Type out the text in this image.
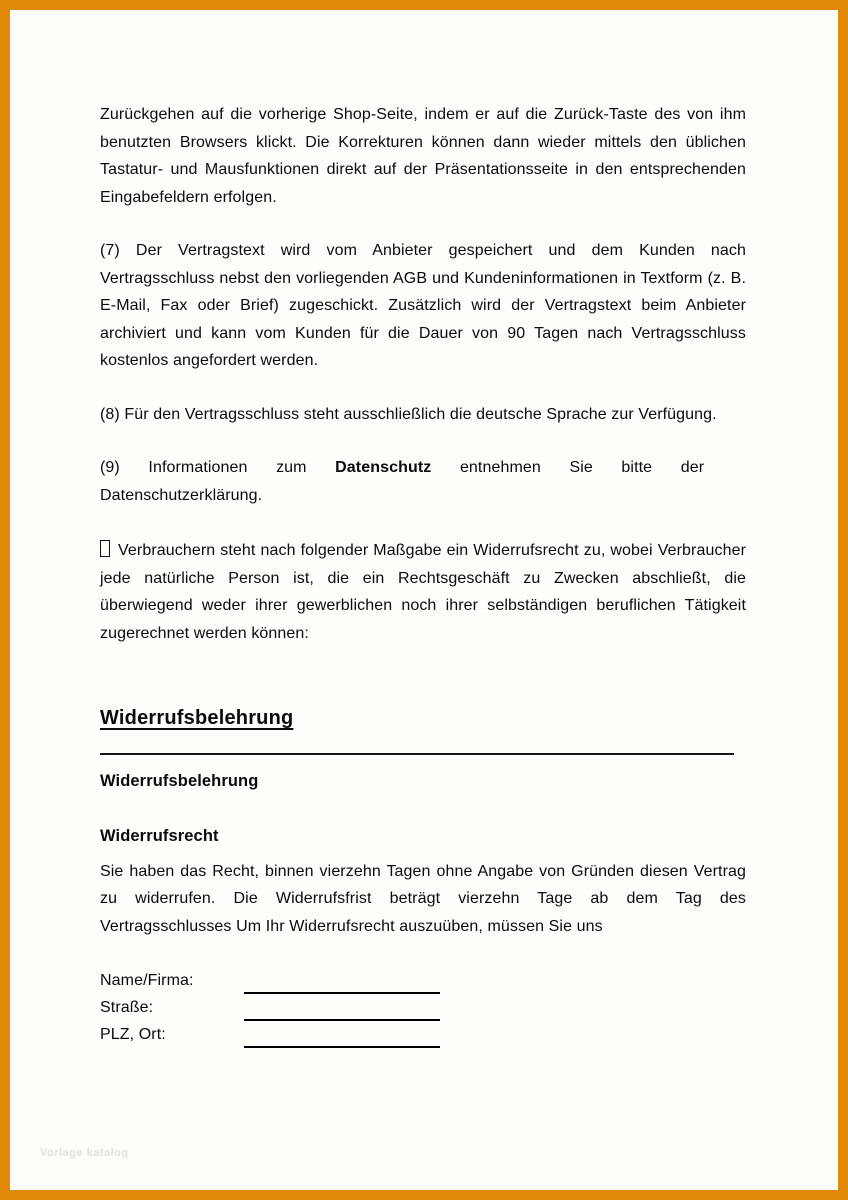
Zurückgehen auf die vorherige Shop-Seite, indem er auf die Zurück-Taste des von ihm benutzten Browsers klickt. Die Korrekturen können dann wieder mittels den üblichen Tastatur- und Mausfunktionen direkt auf der Präsentationsseite in den entsprechenden Eingabefeldern erfolgen.

(7) Der Vertragstext wird vom Anbieter gespeichert und dem Kunden nach Vertragsschluss nebst den vorliegenden AGB und Kundeninformationen in Textform (z. B. E-Mail, Fax oder Brief) zugeschickt. Zusätzlich wird der Vertragstext beim Anbieter archiviert und kann vom Kunden für die Dauer von 90 Tagen nach Vertragsschluss kostenlos angefordert werden.

(8) Für den Vertragsschluss steht ausschließlich die deutsche Sprache zur Verfügung.

(9) Informationen zum Datenschutz entnehmen Sie bitte der
Datenschutzerklärung.

Verbrauchern steht nach folgender Maßgabe ein Widerrufsrecht zu, wobei Verbraucher jede natürliche Person ist, die ein Rechtsgeschäft zu Zwecken abschließt, die überwiegend weder ihrer gewerblichen noch ihrer selbständigen beruflichen Tätigkeit zugerechnet werden können:

Widerrufsbelehrung
Widerrufsbelehrung
Widerrufsrecht

Sie haben das Recht, binnen vierzehn Tagen ohne Angabe von Gründen diesen Vertrag zu widerrufen. Die Widerrufsfrist beträgt vierzehn Tage ab dem Tag des Vertragsschlusses Um Ihr Widerrufsrecht auszuüben, müssen Sie uns

Name/Firma:
Straße:
PLZ, Ort:
Vorlage katalog
